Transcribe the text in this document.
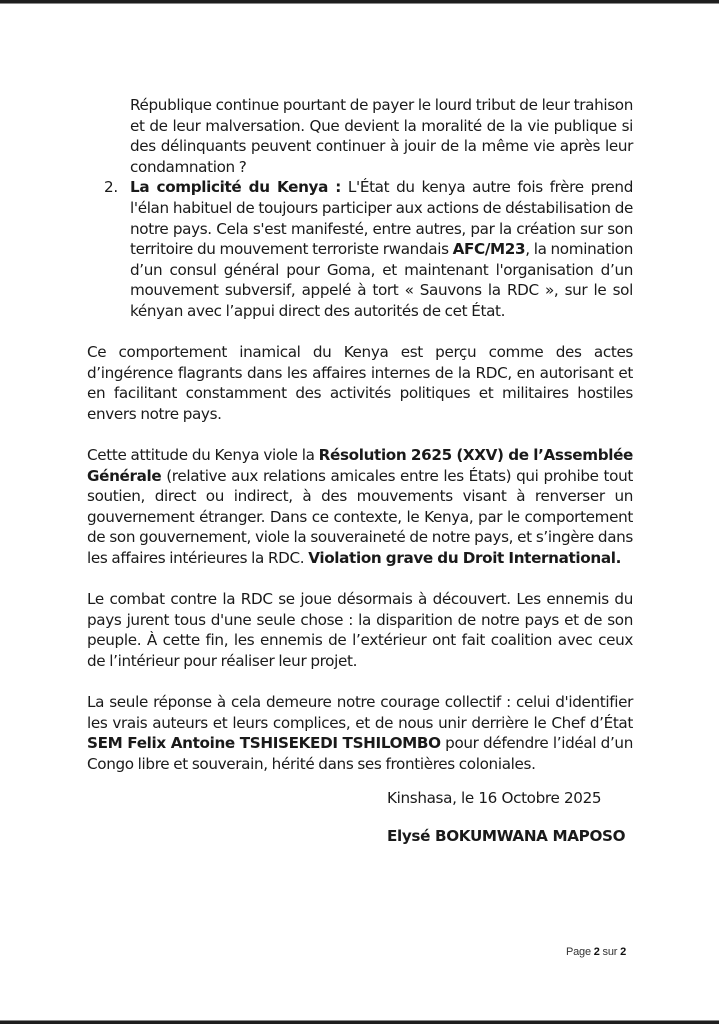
République continue pourtant de payer le lourd tribut de leur trahison et de leur malversation. Que devient la moralité de la vie publique si des délinquants peuvent continuer à jouir de la même vie après leur condamnation ?

2. La complicité du Kenya : L'État du kenya autre fois frère prend l'élan habituel de toujours participer aux actions de déstabilisation de notre pays. Cela s'est manifesté, entre autres, par la création sur son territoire du mouvement terroriste rwandais AFC/M23, la nomination d’un consul général pour Goma, et maintenant l'organisation d’un mouvement subversif, appelé à tort « Sauvons la RDC », sur le sol kényan avec l’appui direct des autorités de cet État.

Ce comportement inamical du Kenya est perçu comme des actes d’ingérence flagrants dans les affaires internes de la RDC, en autorisant et en facilitant constamment des activités politiques et militaires hostiles envers notre pays.

Cette attitude du Kenya viole la Résolution 2625 (XXV) de l’Assemblée Générale (relative aux relations amicales entre les États) qui prohibe tout soutien, direct ou indirect, à des mouvements visant à renverser un gouvernement étranger. Dans ce contexte, le Kenya, par le comportement de son gouvernement, viole la souveraineté de notre pays, et s’ingère dans les affaires intérieures la RDC. Violation grave du Droit International.

Le combat contre la RDC se joue désormais à découvert. Les ennemis du pays jurent tous d'une seule chose : la disparition de notre pays et de son peuple. À cette fin, les ennemis de l’extérieur ont fait coalition avec ceux de l’intérieur pour réaliser leur projet.

La seule réponse à cela demeure notre courage collectif : celui d'identifier les vrais auteurs et leurs complices, et de nous unir derrière le Chef d’État SEM Felix Antoine TSHISEKEDI TSHILOMBO pour défendre l’idéal d’un Congo libre et souverain, hérité dans ses frontières coloniales.

Kinshasa, le 16 Octobre 2025
Elysé BOKUMWANA MAPOSO
Page 2 sur 2
